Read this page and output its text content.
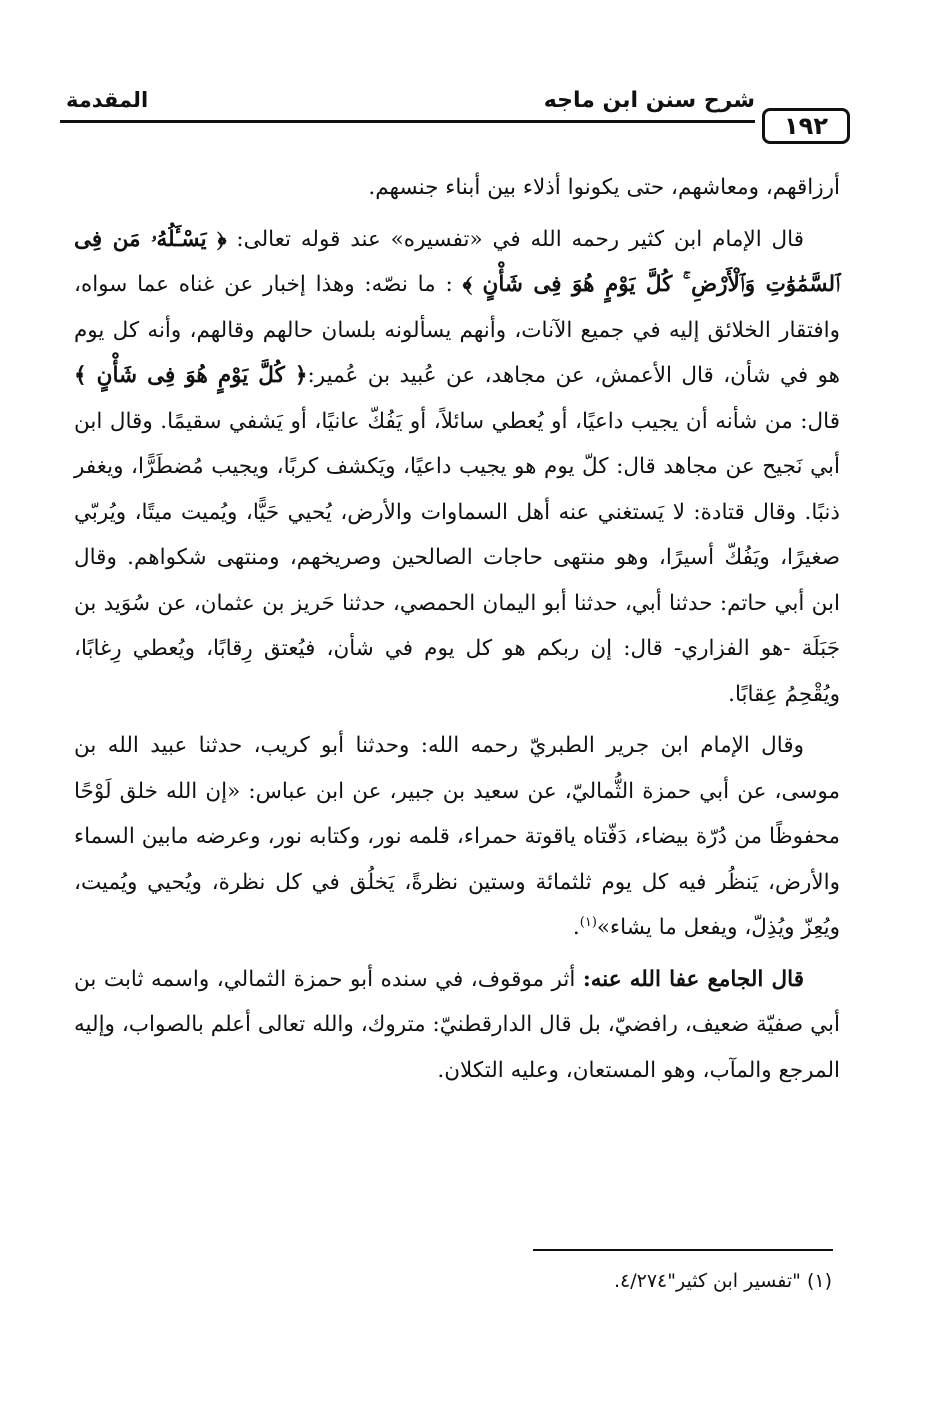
المقدمة	شرح سنن ابن ماجه
١٩٢

أرزاقهم، ومعاشهم، حتى يكونوا أذلاء بين أبناء جنسهم.

قال الإمام ابن كثير رحمه الله في «تفسيره» عند قوله تعالى: ﴿ يَسْـَٔلُهُۥ مَن فِى ٱلسَّمَٰوَٰتِ وَٱلْأَرْضِ ۚ كُلَّ يَوْمٍ هُوَ فِى شَأْنٍ ﴾ : ما نصّه: وهذا إخبار عن غناه عما سواه، وافتقار الخلائق إليه في جميع الآنات، وأنهم يسألونه بلسان حالهم وقالهم، وأنه كل يوم هو في شأن، قال الأعمش، عن مجاهد، عن عُبيد بن عُمير:﴿ كُلَّ يَوْمٍ هُوَ فِى شَأْنٍ ﴾ قال: من شأنه أن يجيب داعيًا، أو يُعطي سائلاً، أو يَفُكّ عانيًا، أو يَشفي سقيمًا. وقال ابن أبي نَجيح عن مجاهد قال: كلّ يوم هو يجيب داعيًا، ويَكشف كربًا، ويجيب مُضطَرًّا، ويغفر ذنبًا. وقال قتادة: لا يَستغني عنه أهل السماوات والأرض، يُحيي حَيًّا، ويُميت ميتًا، ويُربّي صغيرًا، ويَفُكّ أسيرًا، وهو منتهى حاجات الصالحين وصريخهم، ومنتهى شكواهم. وقال ابن أبي حاتم: حدثنا أبي، حدثنا أبو اليمان الحمصي، حدثنا حَريز بن عثمان، عن سُوَيد بن جَبَلَة -هو الفزاري- قال: إن ربكم هو كل يوم في شأن، فيُعتق رِقابًا، ويُعطي رِغابًا، ويُقْحِمُ عِقابًا.

وقال الإمام ابن جرير الطبريّ رحمه الله: وحدثنا أبو كريب، حدثنا عبيد الله بن موسى، عن أبي حمزة الثُّماليّ، عن سعيد بن جبير، عن ابن عباس: «إن الله خلق لَوْحًا محفوظًا من دُرّة بيضاء، دَفّتاه ياقوتة حمراء، قلمه نور، وكتابه نور، وعرضه مابين السماء والأرض، يَنظُر فيه كل يوم ثلثمائة وستين نظرةً، يَخلُق في كل نظرة، ويُحيي ويُميت، ويُعِزّ ويُذِلّ، ويفعل ما يشاء»$^{(١)}$.

قال الجامع عفا الله عنه: أثر موقوف، في سنده أبو حمزة الثمالي، واسمه ثابت بن أبي صفيّة ضعيف، رافضيّ، بل قال الدارقطنيّ: متروك، والله تعالى أعلم بالصواب، وإليه المرجع والمآب، وهو المستعان، وعليه التكلان.

(١) "تفسير ابن كثير"٤/٢٧٤.
